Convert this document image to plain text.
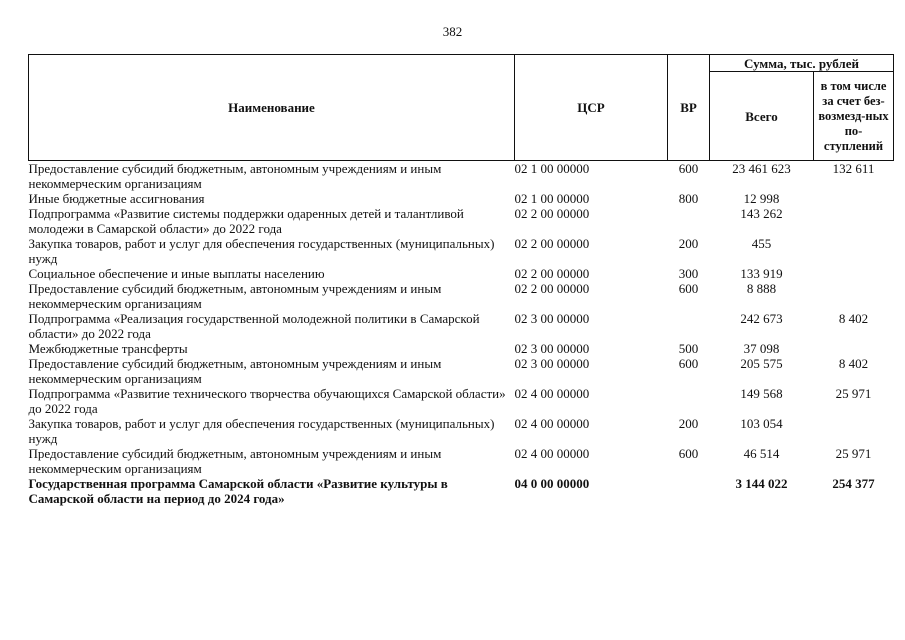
382
Наименование	ЦСР	ВР	Сумма, тыс. рублей	
			Всего	в том числе за счет без-возмезд-ных по-ступлений
Предоставление субсидий бюджетным, автономным учреждениям и иным некоммерческим организациям	02 1 00 00000	600	23 461 623	132 611
Иные бюджетные ассигнования	02 1 00 00000	800	12 998	
Подпрограмма «Развитие системы поддержки одаренных детей и талантливой молодежи в Самарской области» до 2022 года	02 2 00 00000		143 262	
Закупка товаров, работ и услуг для обеспечения государственных (муниципальных) нужд	02 2 00 00000	200	455	
Социальное обеспечение и иные выплаты населению	02 2 00 00000	300	133 919	
Предоставление субсидий бюджетным, автономным учреждениям и иным некоммерческим организациям	02 2 00 00000	600	8 888	
Подпрограмма «Реализация государственной молодежной политики в Самарской области» до 2022 года	02 3 00 00000		242 673	8 402
Межбюджетные трансферты	02 3 00 00000	500	37 098	
Предоставление субсидий бюджетным, автономным учреждениям и иным некоммерческим организациям	02 3 00 00000	600	205 575	8 402
Подпрограмма «Развитие технического творчества обучающихся Самарской области» до 2022 года	02 4 00 00000		149 568	25 971
Закупка товаров, работ и услуг для обеспечения государственных (муниципальных) нужд	02 4 00 00000	200	103 054	
Предоставление субсидий бюджетным, автономным учреждениям и иным некоммерческим организациям	02 4 00 00000	600	46 514	25 971
Государственная программа Самарской области «Развитие культуры в Самарской области на период до 2024 года»	04 0 00 00000		3 144 022	254 377
